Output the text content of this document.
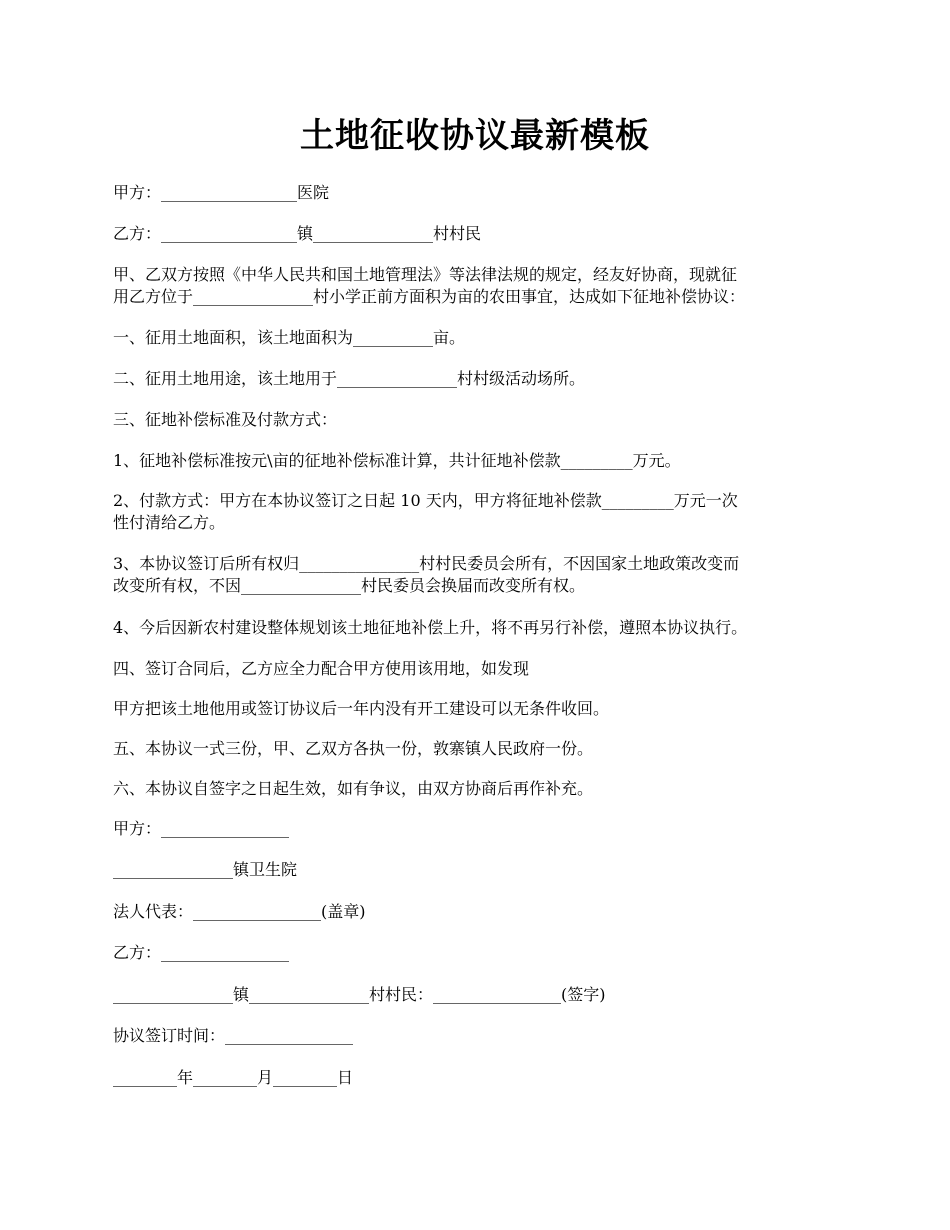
土地征收协议最新模板
甲方：_________________医院
乙方：_________________镇_______________村村民
甲、乙双方按照《中华人民共和国土地管理法》等法律法规的规定，经友好协商，现就征
用乙方位于_______________村小学正前方面积为亩的农田事宜，达成如下征地补偿协议：
一、征用土地面积，该土地面积为__________亩。
二、征用土地用途，该土地用于_______________村村级活动场所。
三、征地补偿标准及付款方式：
1、征地补偿标准按元\亩的征地补偿标准计算，共计征地补偿款_________万元。
2、付款方式：甲方在本协议签订之日起 10 天内，甲方将征地补偿款_________万元一次
性付清给乙方。
3、本协议签订后所有权归_______________村村民委员会所有，不因国家土地政策改变而
改变所有权，不因_______________村民委员会换届而改变所有权。
4、今后因新农村建设整体规划该土地征地补偿上升，将不再另行补偿，遵照本协议执行。
四、签订合同后，乙方应全力配合甲方使用该用地，如发现
甲方把该土地他用或签订协议后一年内没有开工建设可以无条件收回。
五、本协议一式三份，甲、乙双方各执一份，敦寨镇人民政府一份。
六、本协议自签字之日起生效，如有争议，由双方协商后再作补充。
甲方：________________
_______________镇卫生院
法人代表：________________(盖章)
乙方：________________
_______________镇_______________村村民：________________(签字)
协议签订时间：________________
________年________月________日
